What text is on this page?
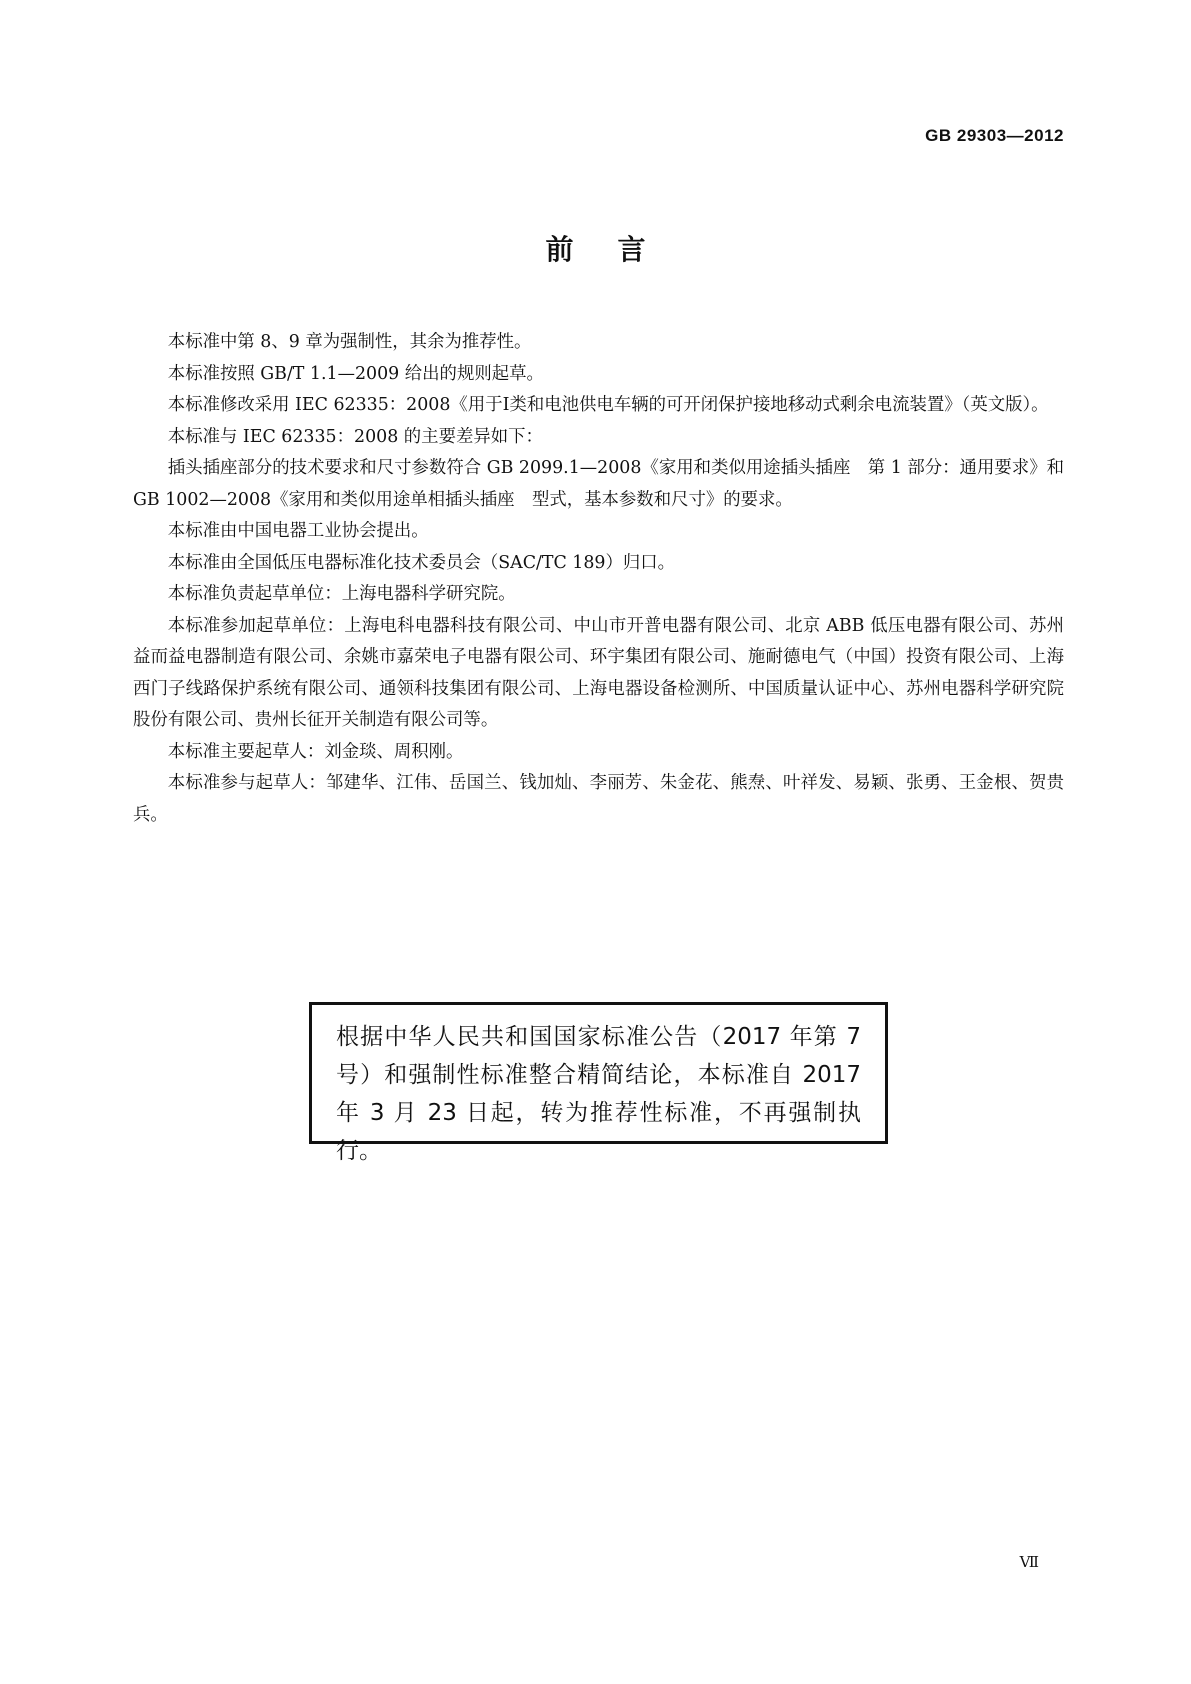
GB 29303—2012
前言

本标准中第 8、9 章为强制性，其余为推荐性。

本标准按照 GB/T 1.1—2009 给出的规则起草。

本标准修改采用 IEC 62335：2008《用于Ⅰ类和电池供电车辆的可开闭保护接地移动式剩余电流装置》（英文版）。

本标准与 IEC 62335：2008 的主要差异如下：

插头插座部分的技术要求和尺寸参数符合 GB 2099.1—2008《家用和类似用途插头插座　第 1 部分：通用要求》和 GB 1002—2008《家用和类似用途单相插头插座　型式，基本参数和尺寸》的要求。

本标准由中国电器工业协会提出。

本标准由全国低压电器标准化技术委员会（SAC/TC 189）归口。

本标准负责起草单位：上海电器科学研究院。

本标准参加起草单位：上海电科电器科技有限公司、中山市开普电器有限公司、北京 ABB 低压电器有限公司、苏州益而益电器制造有限公司、余姚市嘉荣电子电器有限公司、环宇集团有限公司、施耐德电气（中国）投资有限公司、上海西门子线路保护系统有限公司、通领科技集团有限公司、上海电器设备检测所、中国质量认证中心、苏州电器科学研究院股份有限公司、贵州长征开关制造有限公司等。

本标准主要起草人：刘金琰、周积刚。

本标准参与起草人：邹建华、江伟、岳国兰、钱加灿、李丽芳、朱金花、熊焘、叶祥发、易颖、张勇、王金根、贺贵兵。

根据中华人民共和国国家标准公告（2017 年第 7 号）和强制性标准整合精简结论，本标准自 2017 年 3 月 23 日起，转为推荐性标准，不再强制执行。
Ⅶ
